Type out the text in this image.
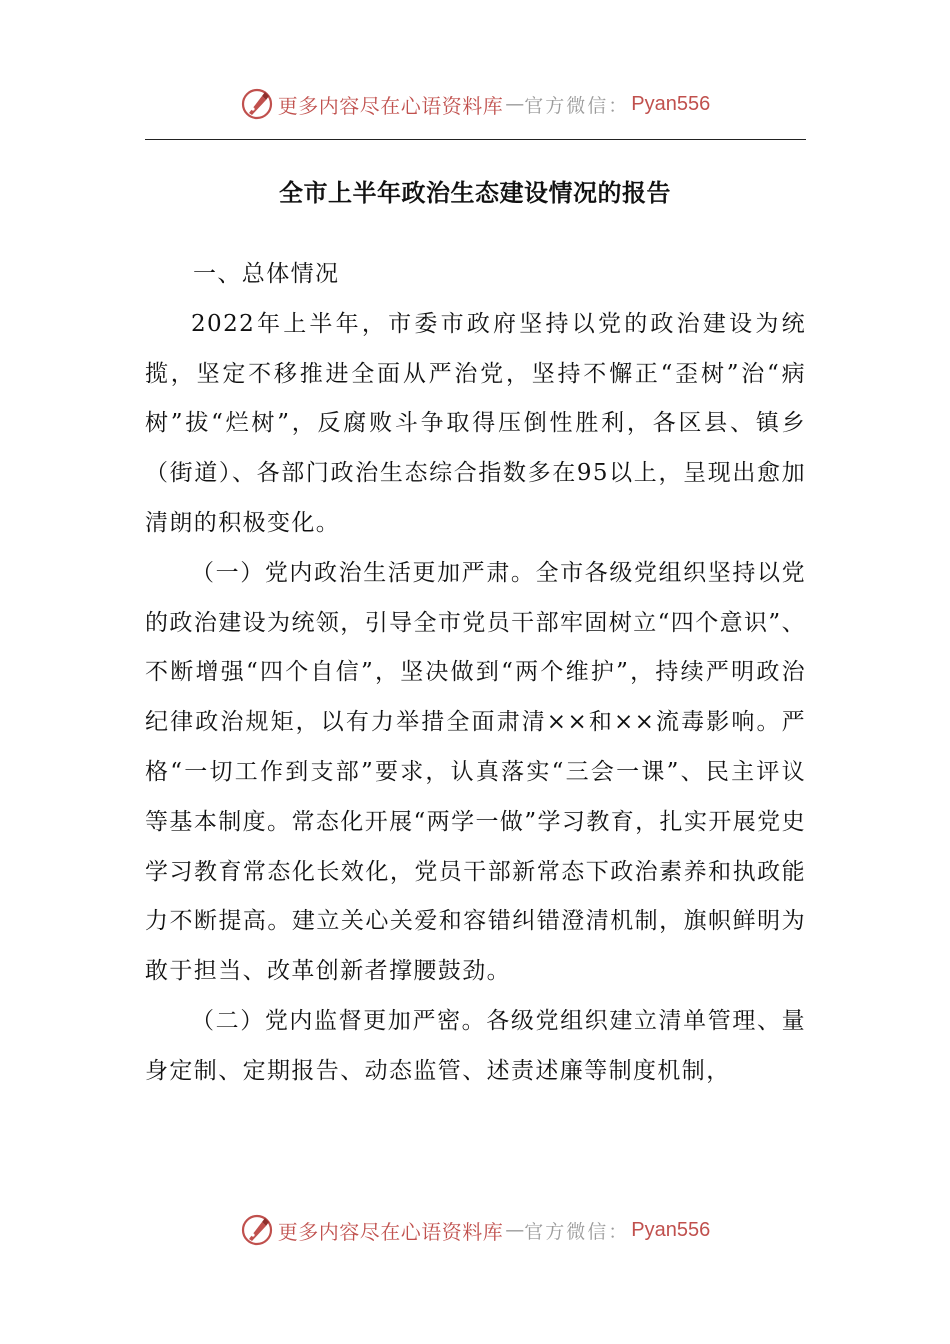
更多内容尽在心语资料库 — 官方微信： Pyan556
全市上半年政治生态建设情况的报告

一、总体情况

2022年上半年，市委市政府坚持以党的政治建设为统揽，坚定不移推进全面从严治党，坚持不懈正“歪树”治“病树”拔“烂树”，反腐败斗争取得压倒性胜利，各区县、镇乡（街道）、各部门政治生态综合指数多在95以上，呈现出愈加清朗的积极变化。

（一）党内政治生活更加严肃。全市各级党组织坚持以党的政治建设为统领，引导全市党员干部牢固树立“四个意识”、不断增强“四个自信”，坚决做到“两个维护”，持续严明政治纪律政治规矩，以有力举措全面肃清××和××流毒影响。严格“一切工作到支部”要求，认真落实“三会一课”、民主评议等基本制度。常态化开展“两学一做”学习教育，扎实开展党史学习教育常态化长效化，党员干部新常态下政治素养和执政能力不断提高。建立关心关爱和容错纠错澄清机制，旗帜鲜明为敢于担当、改革创新者撑腰鼓劲。

（二）党内监督更加严密。各级党组织建立清单管理、量身定制、定期报告、动态监管、述责述廉等制度机制，

更多内容尽在心语资料库 — 官方微信： Pyan556
